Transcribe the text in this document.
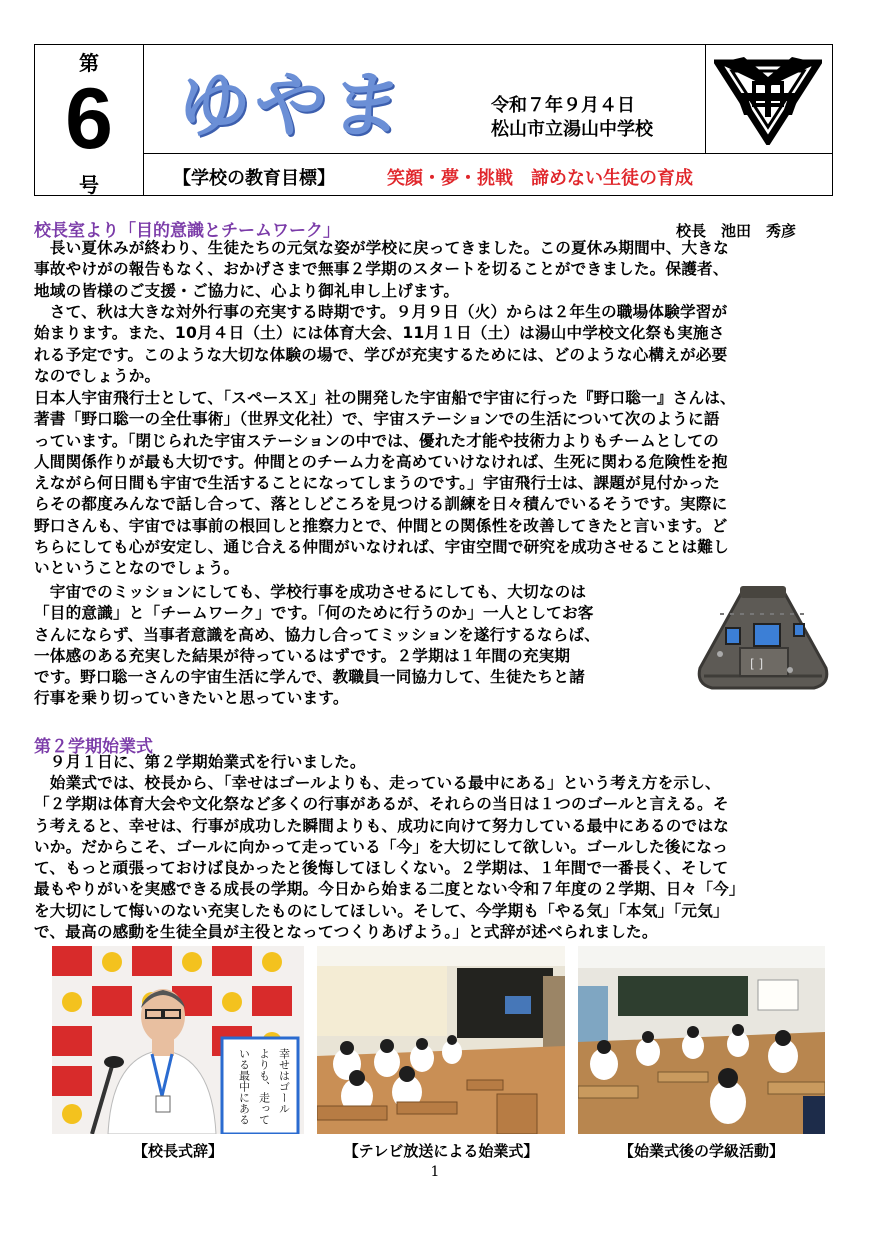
第
6
号
ゆやま	令和７年９月４日
松山市立湯山中学校
【学校の教育目標】	笑顔・夢・挑戦　諦めない生徒の育成
校長室より「目的意識とチームワーク」	校長　池田　秀彦

　長い夏休みが終わり、生徒たちの元気な姿が学校に戻ってきました。この夏休み期間中、大きな
事故やけがの報告もなく、おかげさまで無事２学期のスタートを切ることができました。保護者、
地域の皆様のご支援・ご協力に、心より御礼申し上げます。

　さて、秋は大きな対外行事の充実する時期です。９月９日（火）からは２年生の職場体験学習が
始まります。また、10月４日（土）には体育大会、11月１日（土）は湯山中学校文化祭も実施さ
れる予定です。このような大切な体験の場で、学びが充実するためには、どのような心構えが必要
なのでしょうか。

日本人宇宙飛行士として、「スペースＸ」社の開発した宇宙船で宇宙に行った『野口聡一』さんは、
著書「野口聡一の全仕事術」（世界文化社）で、宇宙ステーションでの生活について次のように語
っています。「閉じられた宇宙ステーションの中では、優れた才能や技術力よりもチームとしての
人間関係作りが最も大切です。仲間とのチーム力を高めていけなければ、生死に関わる危険性を抱
えながら何日間も宇宙で生活することになってしまうのです。」宇宙飛行士は、課題が見付かった
らその都度みんなで話し合って、落としどころを見つける訓練を日々積んでいるそうです。実際に
野口さんも、宇宙では事前の根回しと推察力とで、仲間との関係性を改善してきたと言います。ど
ちらにしても心が安定し、通じ合える仲間がいなければ、宇宙空間で研究を成功させることは難し
いということなのでしょう。

　宇宙でのミッションにしても、学校行事を成功させるにしても、大切なのは
「目的意識」と「チームワーク」です。「何のために行うのか」一人としてお客
さんにならず、当事者意識を高め、協力し合ってミッションを遂行するならば、
一体感のある充実した結果が待っているはずです。２学期は１年間の充実期
です。野口聡一さんの宇宙生活に学んで、教職員一同協力して、生徒たちと諸
行事を乗り切っていきたいと思っています。

[ ]
第２学期始業式

　９月１日に、第２学期始業式を行いました。

　始業式では、校長から、「幸せはゴールよりも、走っている最中にある」という考え方を示し、
「２学期は体育大会や文化祭など多くの行事があるが、それらの当日は１つのゴールと言える。そ
う考えると、幸せは、行事が成功した瞬間よりも、成功に向けて努力している最中にあるのではな
いか。だからこそ、ゴールに向かって走っている「今」を大切にして欲しい。ゴールした後になっ
て、もっと頑張っておけば良かったと後悔してほしくない。２学期は、１年間で一番長く、そして
最もやりがいを実感できる成長の学期。今日から始まる二度とない令和７年度の２学期、日々「今」
を大切にして悔いのない充実したものにしてほしい。そして、今学期も「やる気」「本気」「元気」
で、最高の感動を生徒全員が主役となってつくりあげよう。」と式辞が述べられました。

幸せはゴール
よりも、走って
いる最中にある
【校長式辞】	【テレビ放送による始業式】	【始業式後の学級活動】
1
